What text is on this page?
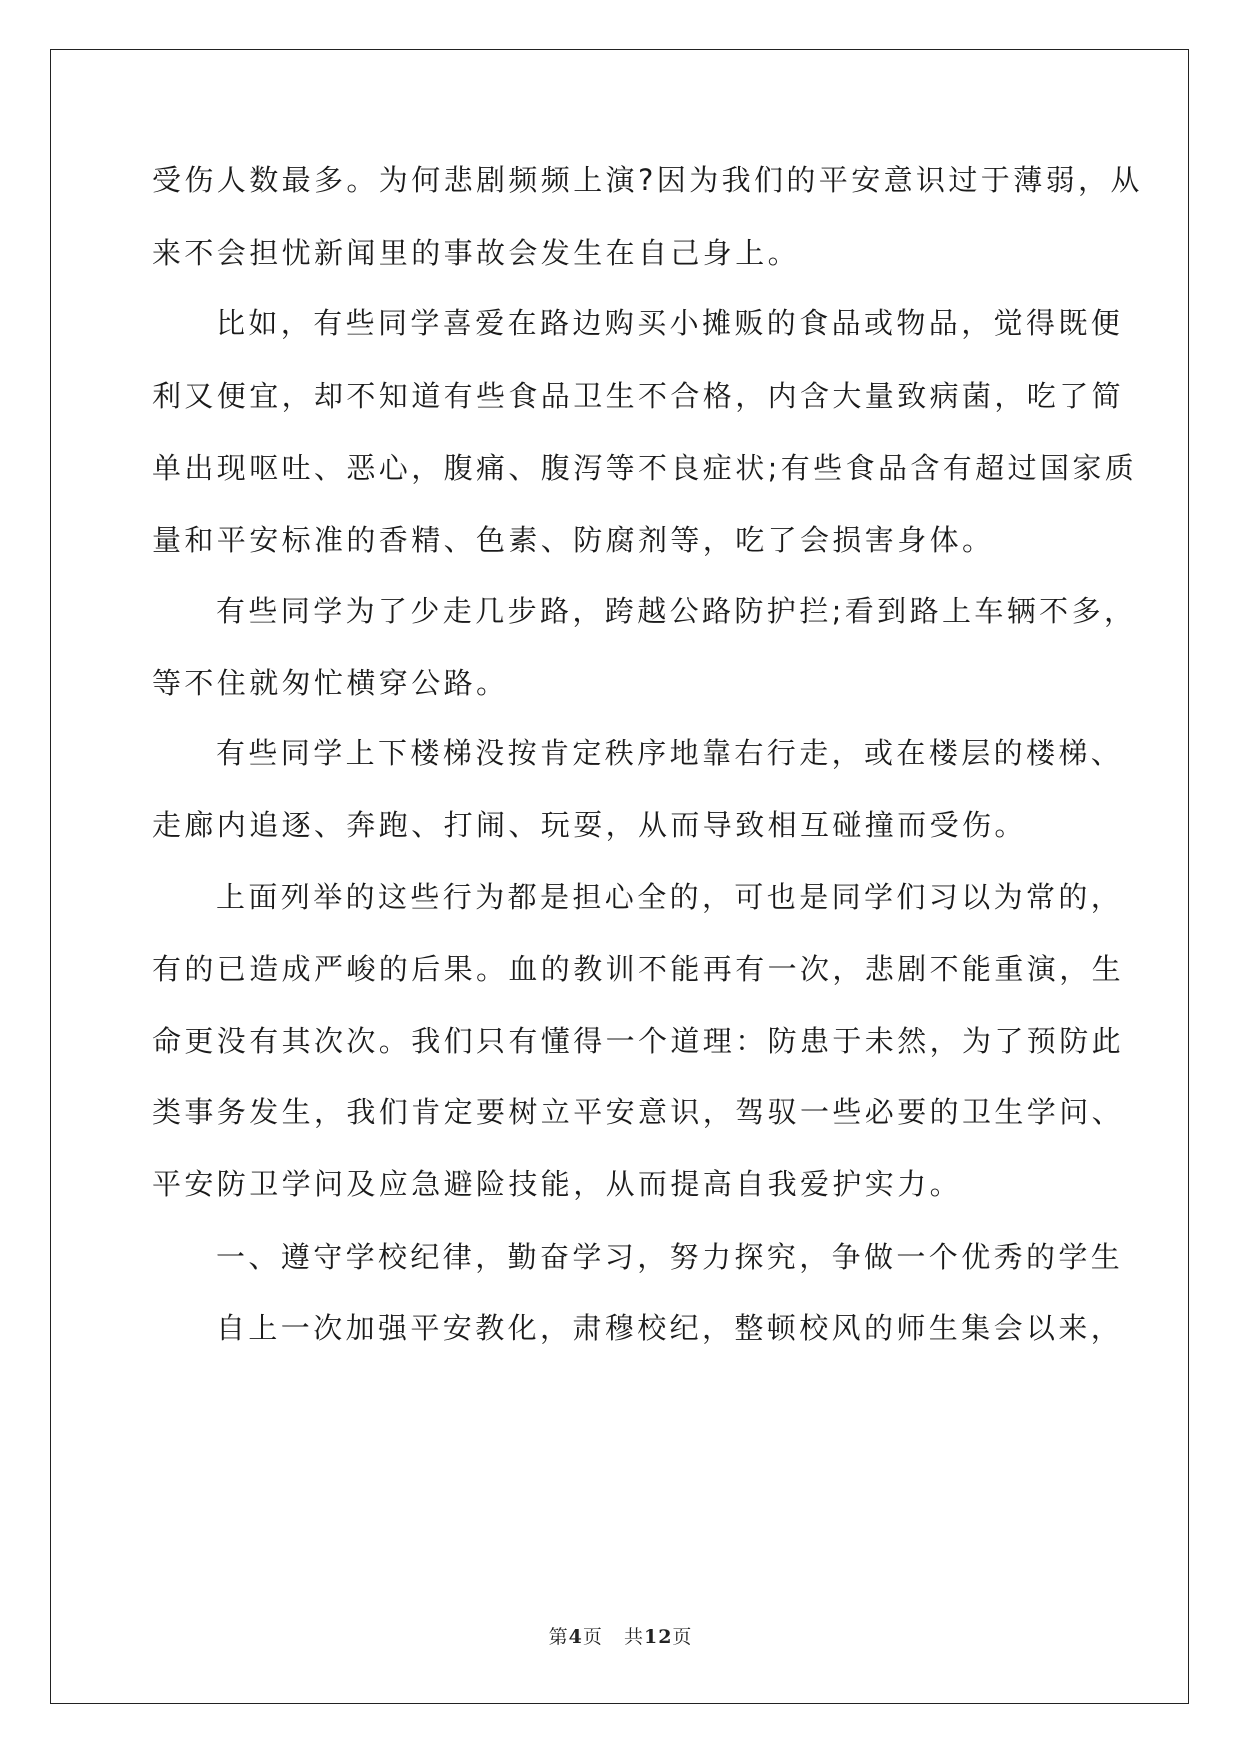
受伤人数最多。为何悲剧频频上演?因为我们的平安意识过于薄弱，从
来不会担忧新闻里的事故会发生在自己身上。
比如，有些同学喜爱在路边购买小摊贩的食品或物品，觉得既便
利又便宜，却不知道有些食品卫生不合格，内含大量致病菌，吃了简
单出现呕吐、恶心，腹痛、腹泻等不良症状;有些食品含有超过国家质
量和平安标准的香精、色素、防腐剂等，吃了会损害身体。
有些同学为了少走几步路，跨越公路防护拦;看到路上车辆不多，
等不住就匆忙横穿公路。
有些同学上下楼梯没按肯定秩序地靠右行走，或在楼层的楼梯、
走廊内追逐、奔跑、打闹、玩耍，从而导致相互碰撞而受伤。
上面列举的这些行为都是担心全的，可也是同学们习以为常的，
有的已造成严峻的后果。血的教训不能再有一次，悲剧不能重演，生
命更没有其次次。我们只有懂得一个道理：防患于未然，为了预防此
类事务发生，我们肯定要树立平安意识，驾驭一些必要的卫生学问、
平安防卫学问及应急避险技能，从而提高自我爱护实力。
一、遵守学校纪律，勤奋学习，努力探究，争做一个优秀的学生
自上一次加强平安教化，肃穆校纪，整顿校风的师生集会以来，
第4页 共12页
